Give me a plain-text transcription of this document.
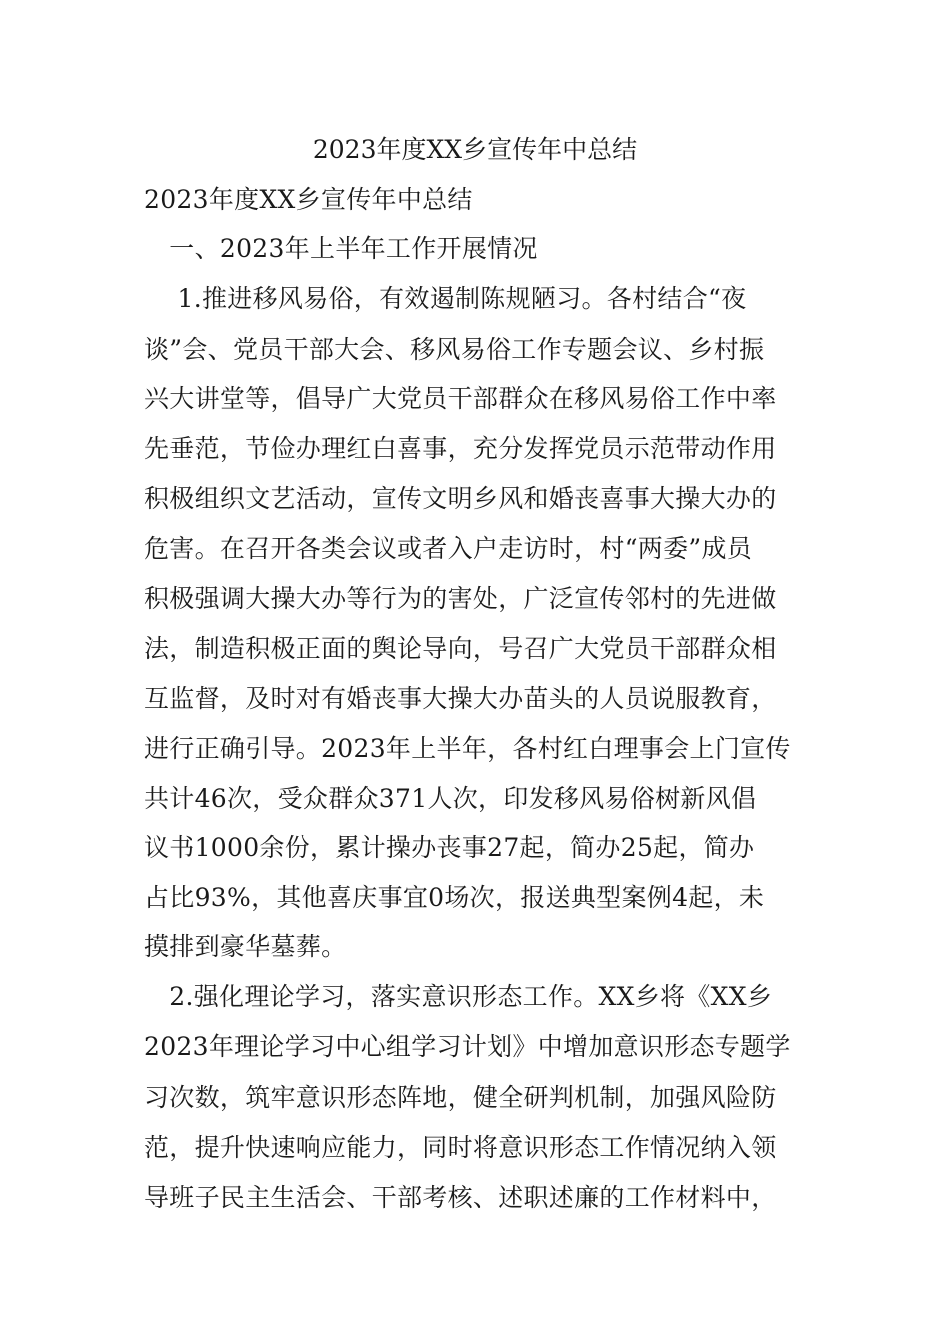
2023年度XX乡宣传年中总结
2023年度XX乡宣传年中总结
　一、2023年上半年工作开展情况
　 1.推进移风易俗，有效遏制陈规陋习。各村结合“夜
谈”会、党员干部大会、移风易俗工作专题会议、乡村振
兴大讲堂等，倡导广大党员干部群众在移风易俗工作中率
先垂范，节俭办理红白喜事，充分发挥党员示范带动作用
积极组织文艺活动，宣传文明乡风和婚丧喜事大操大办的
危害。在召开各类会议或者入户走访时，村“两委”成员
积极强调大操大办等行为的害处，广泛宣传邻村的先进做
法，制造积极正面的舆论导向，号召广大党员干部群众相
互监督，及时对有婚丧事大操大办苗头的人员说服教育，
进行正确引导。2023年上半年，各村红白理事会上门宣传
共计46次，受众群众371人次，印发移风易俗树新风倡
议书1000余份，累计操办丧事27起，简办25起，简办
占比93%，其他喜庆事宜0场次，报送典型案例4起，未
摸排到豪华墓葬。
　2.强化理论学习，落实意识形态工作。XX乡将《XX乡
2023年理论学习中心组学习计划》中增加意识形态专题学
习次数，筑牢意识形态阵地，健全研判机制，加强风险防
范，提升快速响应能力，同时将意识形态工作情况纳入领
导班子民主生活会、干部考核、述职述廉的工作材料中，
